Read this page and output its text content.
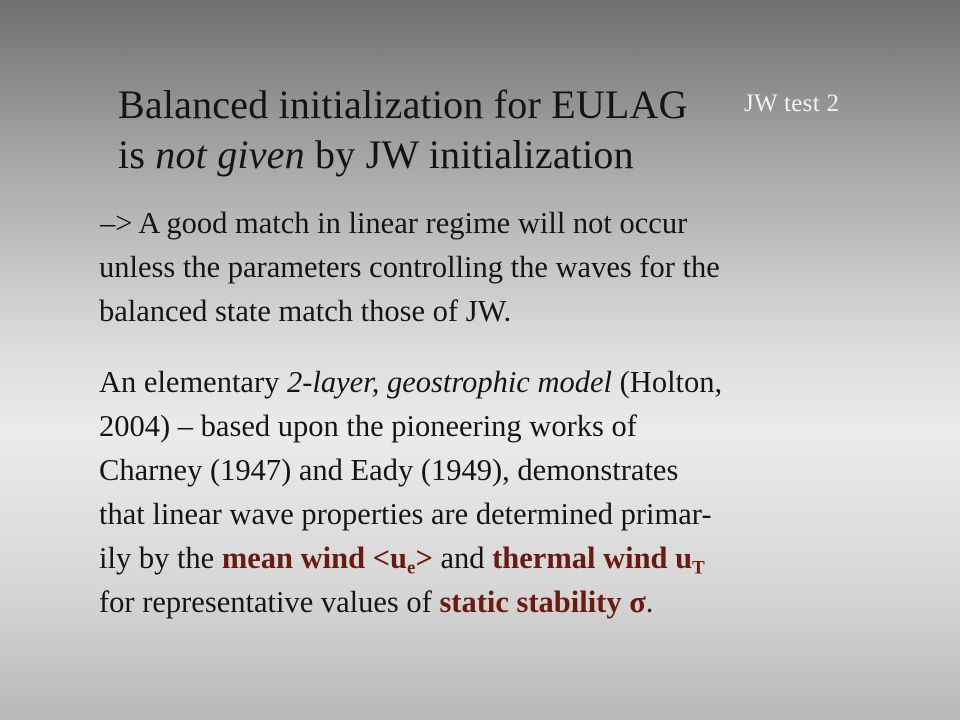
Balanced initialization for EULAG
is not given by JW initialization
JW test 2
–> A good match in linear regime will not occur
unless the parameters controlling the waves for the
balanced state match those of JW.
An elementary 2-layer, geostrophic model (Holton,
2004) – based upon the pioneering works of
Charney (1947) and Eady (1949), demonstrates
that linear wave properties are determined primar-
ily by the mean wind $<u_e>$ and thermal wind $u_T$
for representative values of static stability σ.
